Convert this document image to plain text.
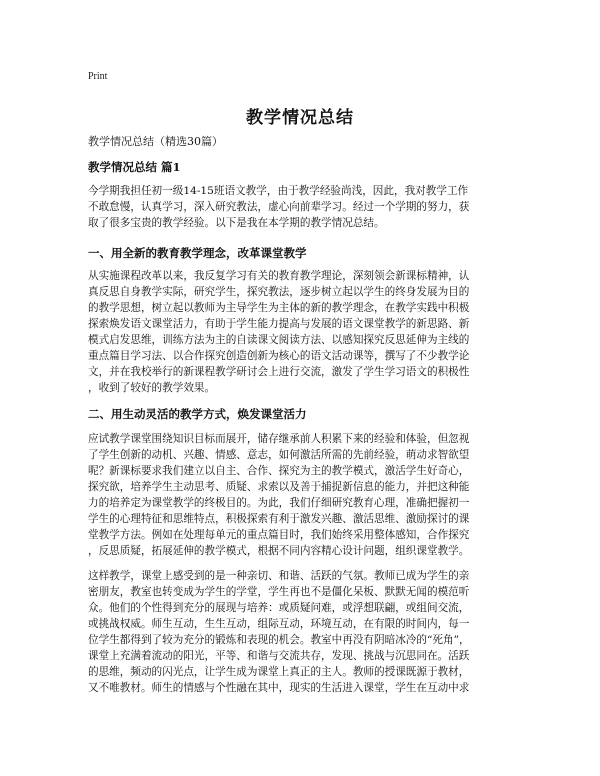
Print
教学情况总结
教学情况总结（精选30篇）
教学情况总结 篇1
今学期我担任初一级14-15班语文教学，由于教学经验尚浅，因此，我对教学工作
不敢怠慢，认真学习，深入研究教法，虚心向前辈学习。经过一个学期的努力，获
取了很多宝贵的教学经验。以下是我在本学期的教学情况总结。
一、用全新的教育教学理念，改革课堂教学
从实施课程改革以来，我反复学习有关的教育教学理论，深刻领会新课标精神，认
真反思自身教学实际，研究学生，探究教法，逐步树立起以学生的终身发展为目的
的教学思想，树立起以教师为主导学生为主体的新的教学理念，在教学实践中积极
探索焕发语文课堂活力，有助于学生能力提高与发展的语文课堂教学的新思路、新
模式启发思维，训练方法为主的自读课文阅读方法、以感知探究反思延伸为主线的
重点篇目学习法、以合作探究创造创新为核心的语文活动课等，撰写了不少教学论
文，并在我校举行的新课程教学研讨会上进行交流，激发了学生学习语文的积极性
，收到了较好的教学效果。
二、用生动灵活的教学方式，焕发课堂活力
应试教学课堂围绕知识目标而展开，储存继承前人积累下来的经验和体验，但忽视
了学生创新的动机、兴趣、情感、意志，如何激活所需的先前经验，萌动求智欲望
呢？新课标要求我们建立以自主、合作、探究为主的教学模式，激活学生好奇心，
探究欲，培养学生主动思考、质疑、求索以及善于捕捉新信息的能力，并把这种能
力的培养定为课堂教学的终极目的。为此，我们仔细研究教育心理，准确把握初一
学生的心理特征和思维特点，积极探索有利于激发兴趣、激活思维、激励探讨的课
堂教学方法。例如在处理每单元的重点篇目时，我们始终采用整体感知，合作探究
，反思质疑，拓展延伸的教学模式，根据不同内容精心设计问题，组织课堂教学。
这样教学，课堂上感受到的是一种亲切、和谐、活跃的气氛。教师已成为学生的亲
密朋友，教室也转变成为学生的学堂，学生再也不是僵化呆板、默默无闻的模范听
众。他们的个性得到充分的展现与培养：或质疑问难，或浮想联翩，或组间交流，
或挑战权威。师生互动，生生互动，组际互动，环境互动，在有限的时间内，每一
位学生都得到了较为充分的锻炼和表现的机会。教室中再没有阴暗冰冷的“死角”，
课堂上充满着流动的阳光，平等、和谐与交流共存，发现、挑战与沉思同在。活跃
的思维，频动的闪光点，让学生成为课堂上真正的主人。教师的授课既源于教材，
又不唯教材。师生的情感与个性融在其中，现实的生活进入课堂，学生在互动中求
